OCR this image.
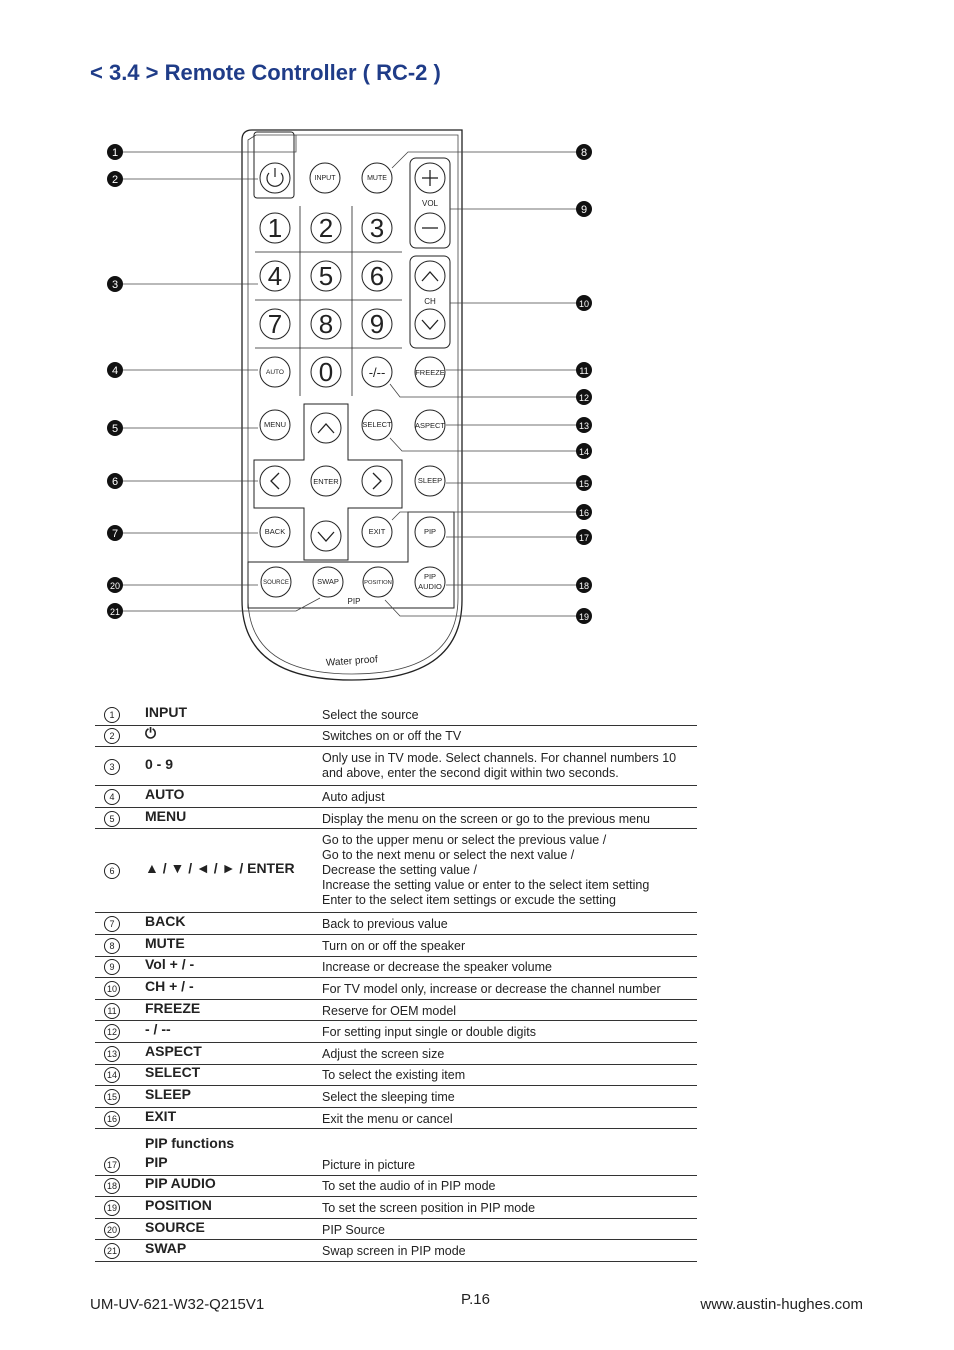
< 3.4 > Remote Controller ( RC-2 )
INPUT	MUTE
VOL
CH
1 2 3
4 5 6
7 8 9
0
AUTO	-/--	FREEZE
MENU	SELECT	ASPECT
ENTER	SLEEP
BACK	EXIT	PIP
SOURCE	SWAP	POSITION
PIP
AUDIO
PIP
Water proof
1
2
3
4
5
6
7
8
9
10
11
12
13
14
15
16
17
18
19
20
21
1	INPUT	Select the source
2	⏻	Switches on or off the TV
3	0 - 9	Only use in TV mode. Select channels. For channel numbers 10
and above, enter the second digit within two seconds.
4	AUTO	Auto adjust
5	MENU	Display the menu on the screen or go to the previous menu
6	▲ / ▼ / ◄ / ► / ENTER
Go to the upper menu or select the previous value /
Go to the next menu or select the next value /
Decrease the setting value /
Increase the setting value or enter to the select item setting
Enter to the select item settings or excude the setting
7	BACK	Back to previous value
8	MUTE	Turn on or off the speaker
9	Vol + / -	Increase or decrease the speaker volume
10	CH + / -	For TV model only, increase or decrease the channel number
11	FREEZE	Reserve for OEM model
12	- / --	For setting input single or double digits
13	ASPECT	Adjust the screen size
14	SELECT	To select the existing item
15	SLEEP	Select the sleeping time
16	EXIT	Exit the menu or cancel
PIP functions
17	PIP	Picture in picture
18	PIP AUDIO	To set the audio of in PIP mode
19	POSITION	To set the screen position in PIP mode
20	SOURCE	PIP Source
21	SWAP	Swap screen in PIP mode
UM-UV-621-W32-Q215V1	P.16	www.austin-hughes.com
